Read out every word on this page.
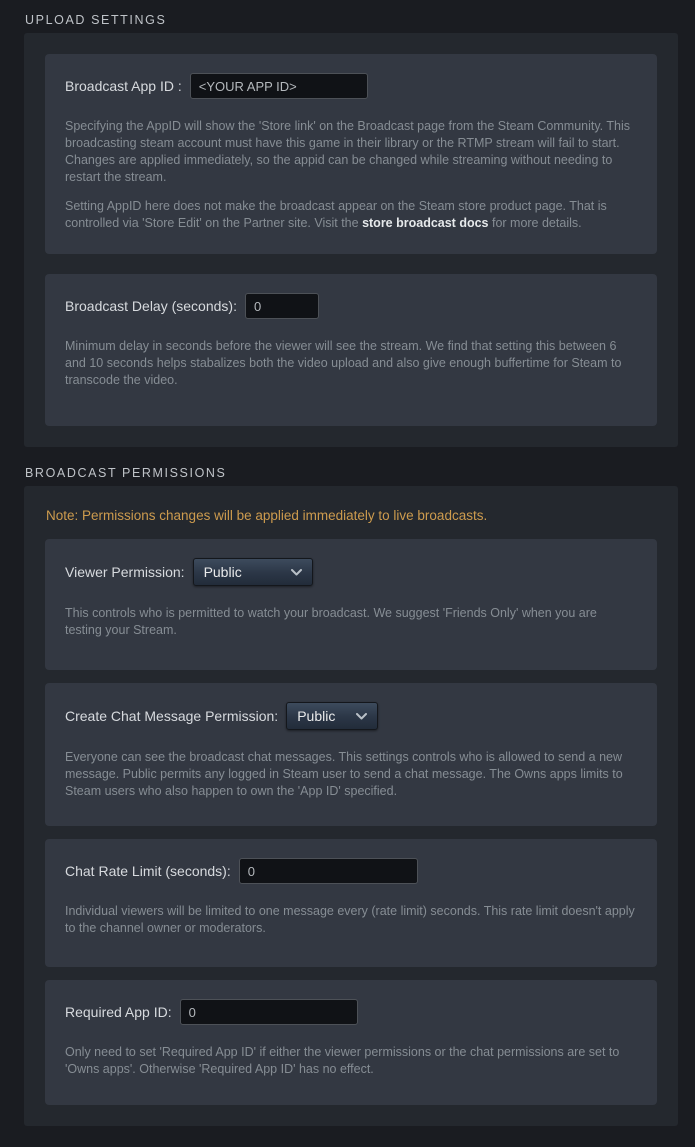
UPLOAD SETTINGS
Broadcast App ID :
<YOUR APP ID>

Specifying the AppID will show the 'Store link' on the Broadcast page from the Steam Community. This broadcasting steam account must have this game in their library or the RTMP stream will fail to start. Changes are applied immediately, so the appid can be changed while streaming without needing to restart the stream.

Setting AppID here does not make the broadcast appear on the Steam store product page. That is controlled via 'Store Edit' on the Partner site. Visit the store broadcast docs for more details.

Broadcast Delay (seconds):
0

Minimum delay in seconds before the viewer will see the stream. We find that setting this between 6 and 10 seconds helps stabalizes both the video upload and also give enough buffertime for Steam to transcode the video.

BROADCAST PERMISSIONS
Note: Permissions changes will be applied immediately to live broadcasts.
Viewer Permission: Public

This controls who is permitted to watch your broadcast. We suggest 'Friends Only' when you are testing your Stream.

Create Chat Message Permission: Public

Everyone can see the broadcast chat messages. This settings controls who is allowed to send a new message. Public permits any logged in Steam user to send a chat message. The Owns apps limits to Steam users who also happen to own the 'App ID' specified.

Chat Rate Limit (seconds):
0

Individual viewers will be limited to one message every (rate limit) seconds. This rate limit doesn't apply to the channel owner or moderators.

Required App ID:
0

Only need to set 'Required App ID' if either the viewer permissions or the chat permissions are set to 'Owns apps'. Otherwise 'Required App ID' has no effect.
